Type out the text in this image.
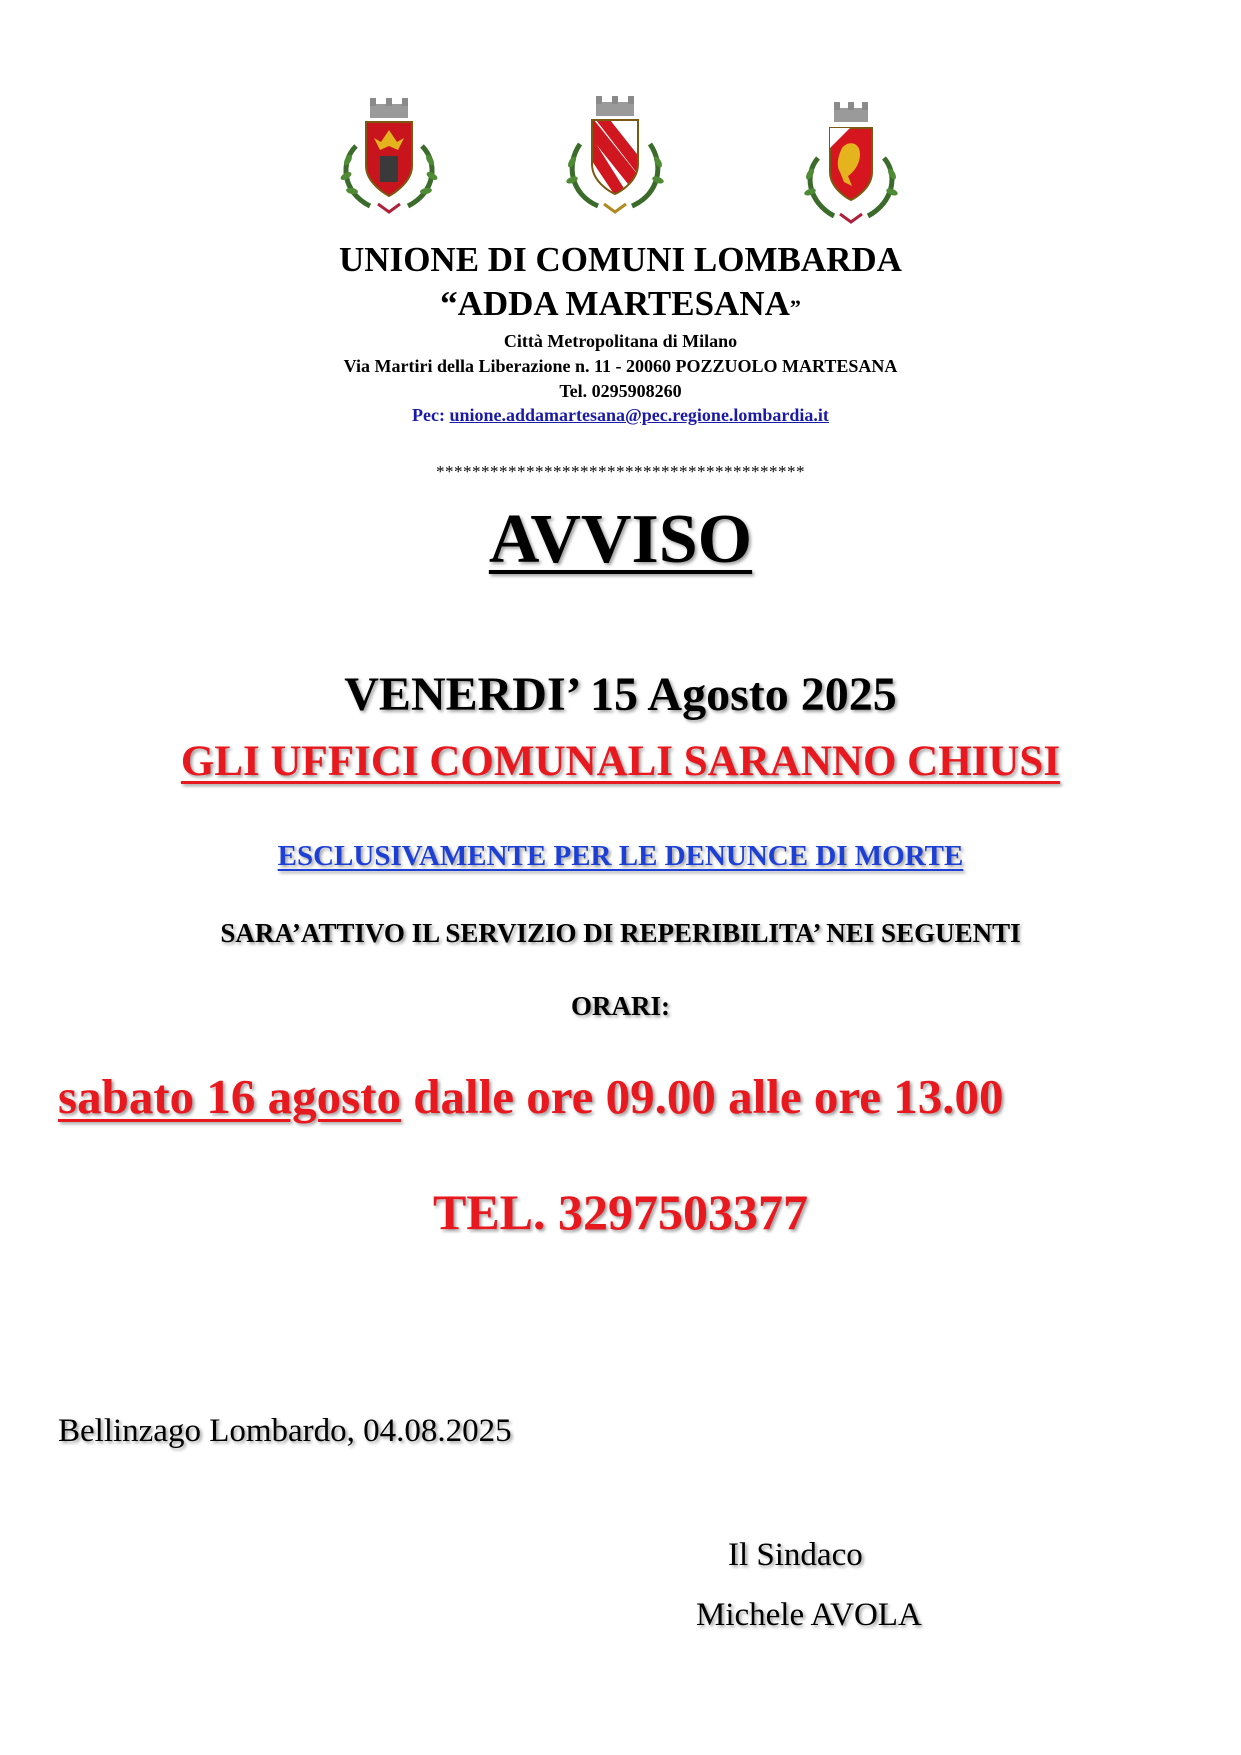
UNIONE DI COMUNI LOMBARDA
“ADDA MARTESANA”
Città Metropolitana di Milano
Via Martiri della Liberazione n. 11 - 20060 POZZUOLO MARTESANA
Tel. 0295908260
Pec: unione.addamartesana@pec.regione.lombardia.it
*****************************************
AVVISO
VENERDI’ 15 Agosto 2025
GLI UFFICI COMUNALI SARANNO CHIUSI
ESCLUSIVAMENTE PER LE DENUNCE DI MORTE
SARA’ATTIVO IL SERVIZIO DI REPERIBILITA’ NEI SEGUENTI
ORARI:
sabato 16 agosto dalle ore 09.00 alle ore 13.00
TEL. 3297503377
Bellinzago Lombardo, 04.08.2025
Il Sindaco
Michele AVOLA
